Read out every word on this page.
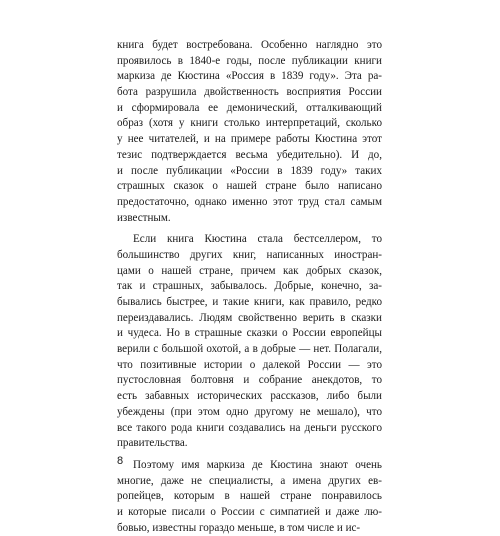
книга будет востребована. Особенно наглядно это
проявилось в 1840-е годы, после публикации книги
маркиза де Кюстина «Россия в 1839 году». Эта ра-
бота разрушила двойственность восприятия России
и сформировала ее демонический, отталкивающий
образ (хотя у книги столько интерпретаций, сколько
у нее читателей, и на примере работы Кюстина этот
тезис подтверждается весьма убедительно). И до,
и после публикации «России в 1839 году» таких
страшных сказок о нашей стране было написано
предостаточно, однако именно этот труд стал самым
известным.
Если книга Кюстина стала бестселлером, то
большинство других книг, написанных иностран-
цами о нашей стране, причем как добрых сказок,
так и страшных, забывалось. Добрые, конечно, за-
бывались быстрее, и такие книги, как правило, редко
переиздавались. Людям свойственно верить в сказки
и чудеса. Но в страшные сказки о России европейцы
верили с большой охотой, а в добрые — нет. Полагали,
что позитивные истории о далекой России — это
пустословная болтовня и собрание анекдотов, то
есть забавных исторических рассказов, либо были
убеждены (при этом одно другому не мешало), что
все такого рода книги создавались на деньги русского
правительства.
Поэтому имя маркиза де Кюстина знают очень
многие, даже не специалисты, а имена других ев-
ропейцев, которым в нашей стране понравилось
и которые писали о России с симпатией и даже лю-
бовью, известны гораздо меньше, в том числе и ис-
8
